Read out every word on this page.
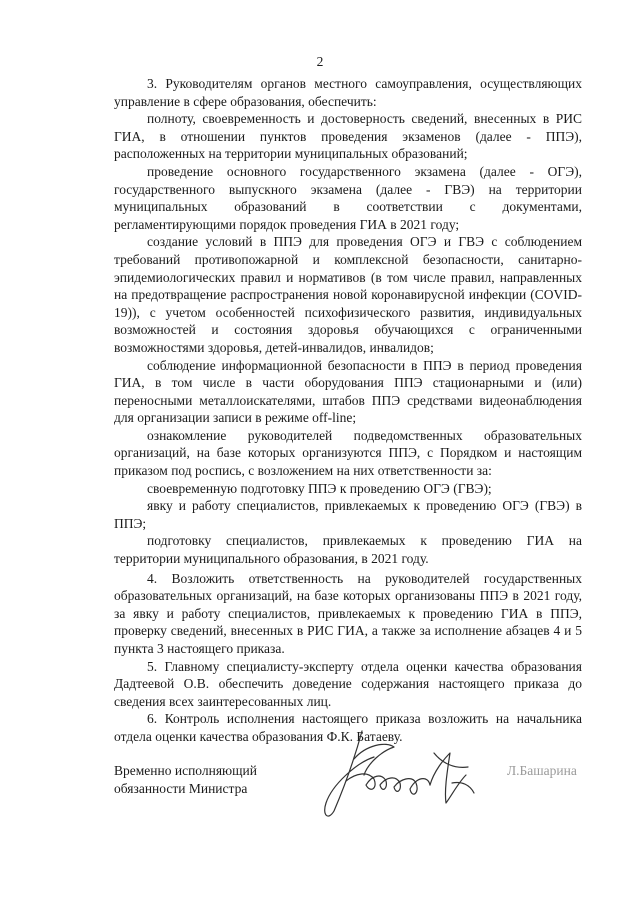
2

3. Руководителям органов местного самоуправления, осуществляющих управление в сфере образования, обеспечить:

полноту, своевременность и достоверность сведений, внесенных в РИС ГИА, в отношении пунктов проведения экзаменов (далее - ППЭ), расположенных на территории муниципальных образований;

проведение основного государственного экзамена (далее - ОГЭ), государственного выпускного экзамена (далее - ГВЭ) на территории муниципальных образований в соответствии с документами, регламентирующими порядок проведения ГИА в 2021 году;

создание условий в ППЭ для проведения ОГЭ и ГВЭ с соблюдением требований противопожарной и комплексной безопасности, санитарно-эпидемиологических правил и нормативов (в том числе правил, направленных на предотвращение распространения новой коронавирусной инфекции (COVID-19)), с учетом особенностей психофизического развития, индивидуальных возможностей и состояния здоровья обучающихся с ограниченными возможностями здоровья, детей-инвалидов, инвалидов;

соблюдение информационной безопасности в ППЭ в период проведения ГИА, в том числе в части оборудования ППЭ стационарными и (или) переносными металлоискателями, штабов ППЭ средствами видеонаблюдения для организации записи в режиме off-line;

ознакомление руководителей подведомственных образовательных организаций, на базе которых организуются ППЭ, с Порядком и настоящим приказом под роспись, с возложением на них ответственности за:

своевременную подготовку ППЭ к проведению ОГЭ (ГВЭ);

явку и работу специалистов, привлекаемых к проведению ОГЭ (ГВЭ) в ППЭ;

подготовку специалистов, привлекаемых к проведению ГИА на территории муниципального образования, в 2021 году.

4. Возложить ответственность на руководителей государственных образовательных организаций, на базе которых организованы ППЭ в 2021 году, за явку и работу специалистов, привлекаемых к проведению ГИА в ППЭ, проверку сведений, внесенных в РИС ГИА, а также за исполнение абзацев 4 и 5 пункта 3 настоящего приказа.

5. Главному специалисту-эксперту отдела оценки качества образования Дадтеевой О.В. обеспечить доведение содержания настоящего приказа до сведения всех заинтересованных лиц.

6. Контроль исполнения настоящего приказа возложить на начальника отдела оценки качества образования Ф.К. Батаеву.

Временно исполняющий
обязанности Министра
Л.Башарина
